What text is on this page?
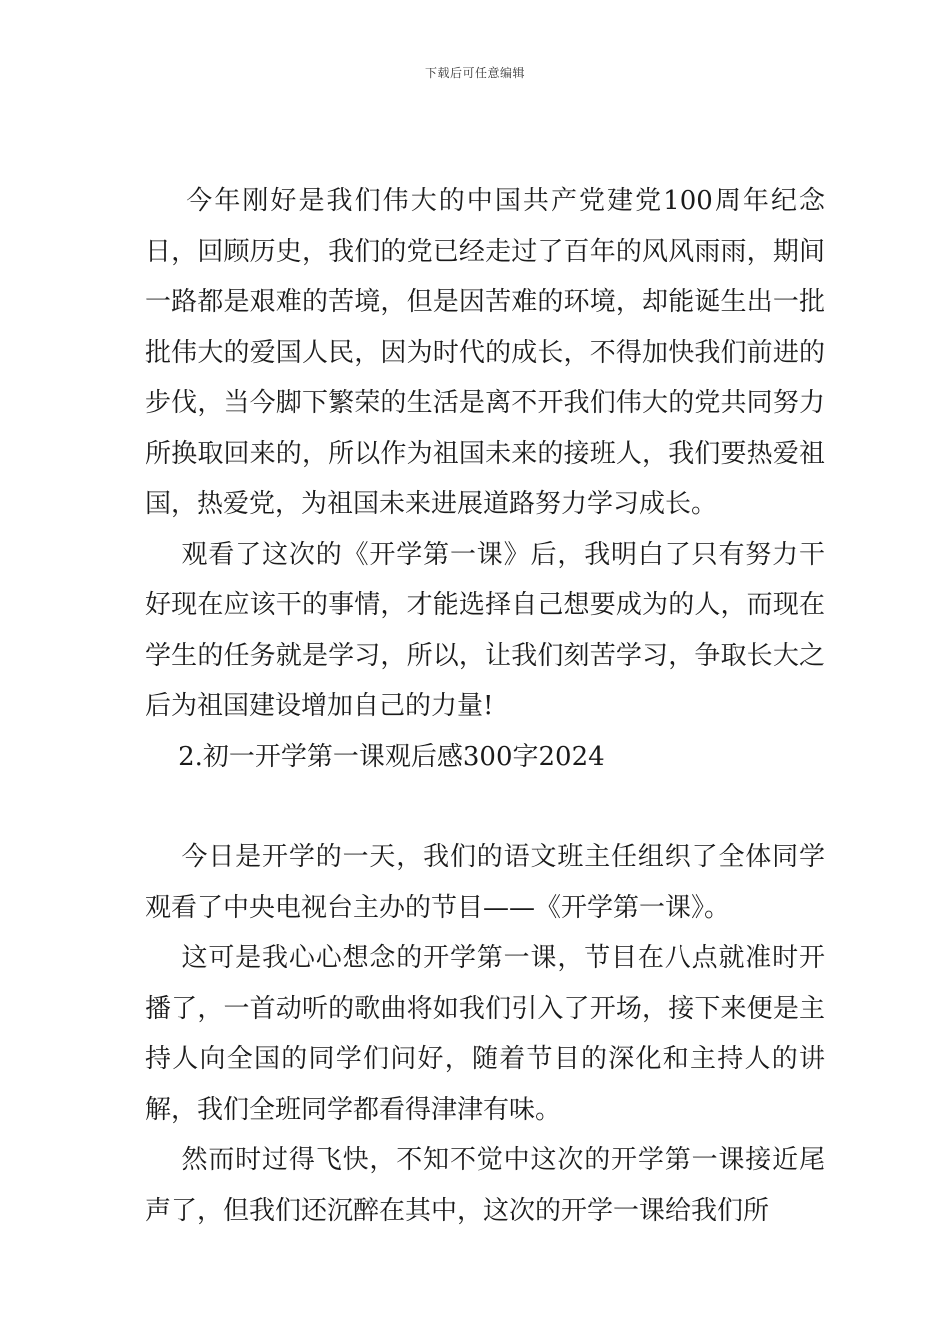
下载后可任意编辑

今年刚好是我们伟大的中国共产党建党100周年纪念日，回顾历史，我们的党已经走过了百年的风风雨雨，期间一路都是艰难的苦境，但是因苦难的环境，却能诞生出一批批伟大的爱国人民，因为时代的成长，不得加快我们前进的步伐，当今脚下繁荣的生活是离不开我们伟大的党共同努力所换取回来的，所以作为祖国未来的接班人，我们要热爱祖国，热爱党，为祖国未来进展道路努力学习成长。

观看了这次的《开学第一课》后，我明白了只有努力干好现在应该干的事情，才能选择自己想要成为的人，而现在学生的任务就是学习，所以，让我们刻苦学习，争取长大之后为祖国建设增加自己的力量!

2.初一开学第一课观后感300字2024

今日是开学的一天，我们的语文班主任组织了全体同学观看了中央电视台主办的节目——《开学第一课》。

这可是我心心想念的开学第一课，节目在八点就准时开播了，一首动听的歌曲将如我们引入了开场，接下来便是主持人向全国的同学们问好，随着节目的深化和主持人的讲解，我们全班同学都看得津津有味。

然而时过得飞快，不知不觉中这次的开学第一课接近尾声了，但我们还沉醉在其中，这次的开学一课给我们所
